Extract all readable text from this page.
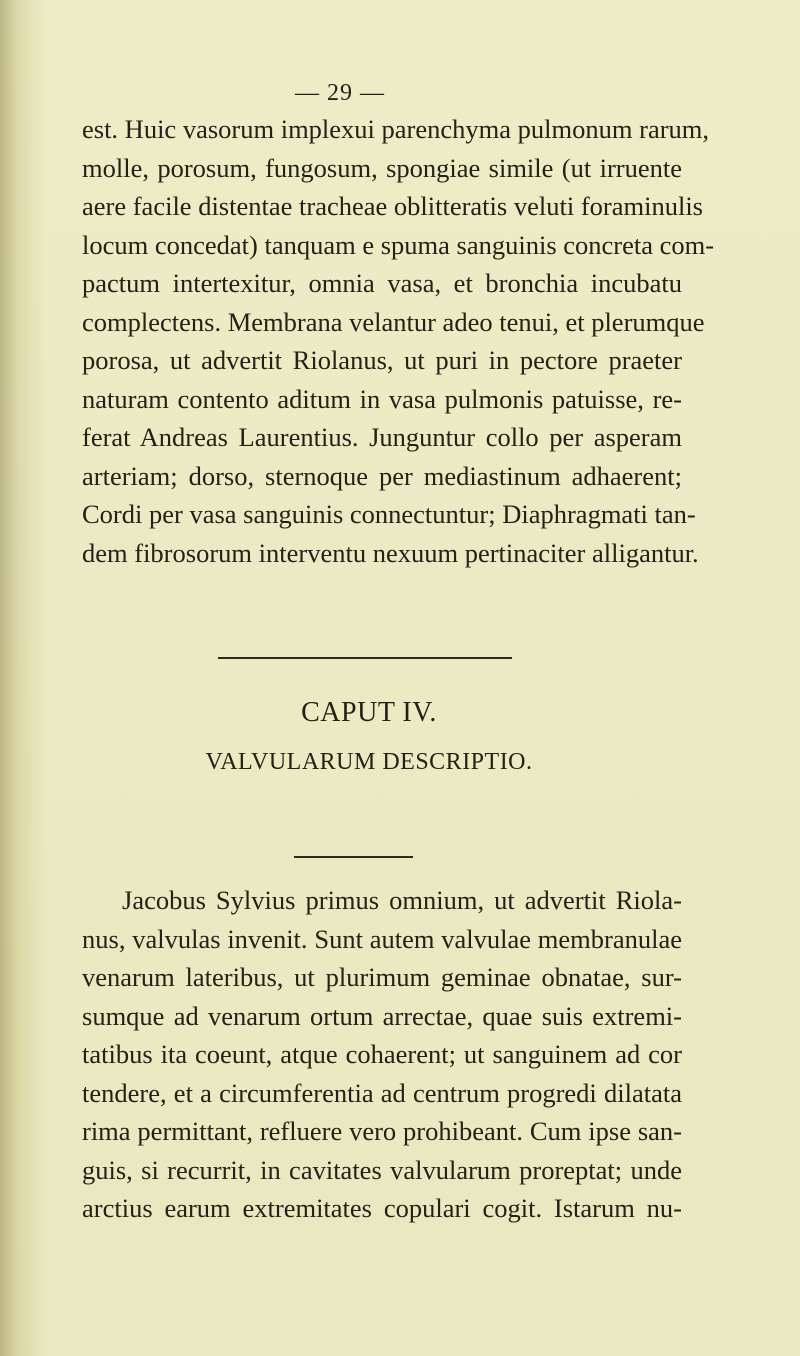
— 29 —
est. Huic vasorum implexui parenchyma pulmonum rarum,
molle, porosum, fungosum, spongiae simile (ut irruente
aere facile distentae tracheae oblitteratis veluti foraminulis
locum concedat) tanquam e spuma sanguinis concreta com-
pactum intertexitur, omnia vasa, et bronchia incubatu
complectens. Membrana velantur adeo tenui, et plerumque
porosa, ut advertit Riolanus, ut puri in pectore praeter
naturam contento aditum in vasa pulmonis patuisse, re-
ferat Andreas Laurentius. Junguntur collo per asperam
arteriam; dorso, sternoque per mediastinum adhaerent;
Cordi per vasa sanguinis connectuntur; Diaphragmati tan-
dem fibrosorum interventu nexuum pertinaciter alligantur.
CAPUT IV.
VALVULARUM DESCRIPTIO.
Jacobus Sylvius primus omnium, ut advertit Riola-
nus, valvulas invenit. Sunt autem valvulae membranulae
venarum lateribus, ut plurimum geminae obnatae, sur-
sumque ad venarum ortum arrectae, quae suis extremi-
tatibus ita coeunt, atque cohaerent; ut sanguinem ad cor
tendere, et a circumferentia ad centrum progredi dilatata
rima permittant, refluere vero prohibeant. Cum ipse san-
guis, si recurrit, in cavitates valvularum proreptat; unde
arctius earum extremitates copulari cogit. Istarum nu-
